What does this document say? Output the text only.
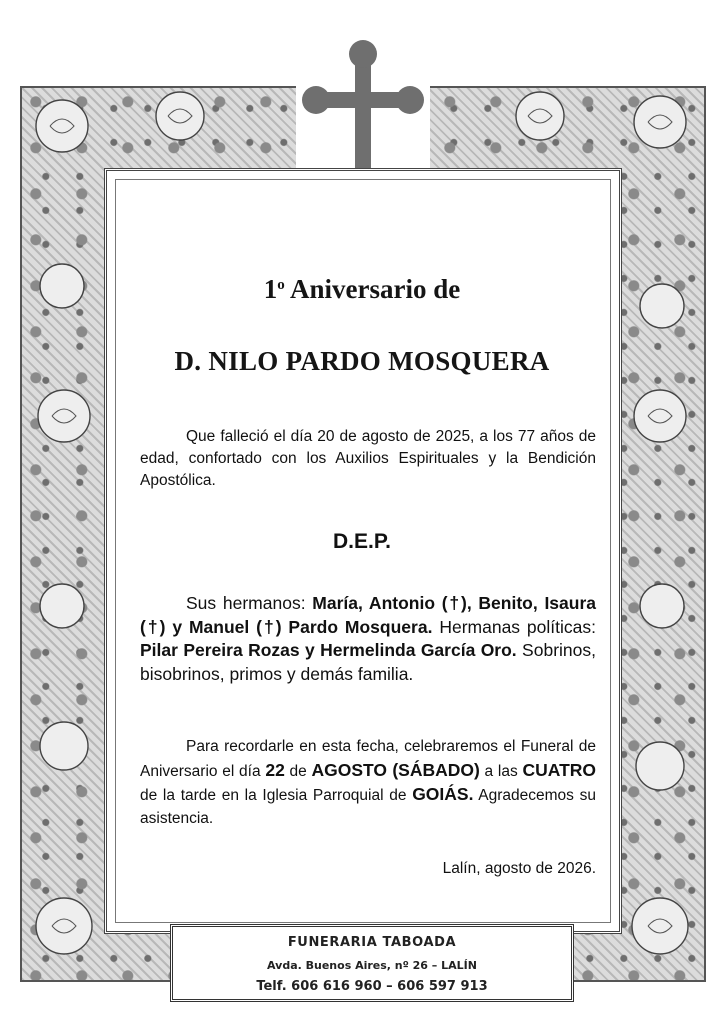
1$^o$ Aniversario de
D. NILO PARDO MOSQUERA
Que falleció el día 20 de agosto de 2025, a los 77 años de edad, confortado con los Auxilios Espirituales y la Bendición Apostólica.
D.E.P.
Sus hermanos: María, Antonio (†), Benito, Isaura (†) y Manuel (†) Pardo Mosquera. Hermanas políticas: Pilar Pereira Rozas y Hermelinda García Oro. Sobrinos, bisobrinos, primos y demás familia.
Para recordarle en esta fecha, celebraremos el Funeral de Aniversario el día 22 de AGOSTO (SÁBADO) a las CUATRO de la tarde en la Iglesia Parroquial de GOIÁS. Agradecemos su asistencia.
Lalín, agosto de 2026.
FUNERARIA TABOADA
Avda. Buenos Aires, nº 26 – LALÍN
Telf. 606 616 960 – 606 597 913
